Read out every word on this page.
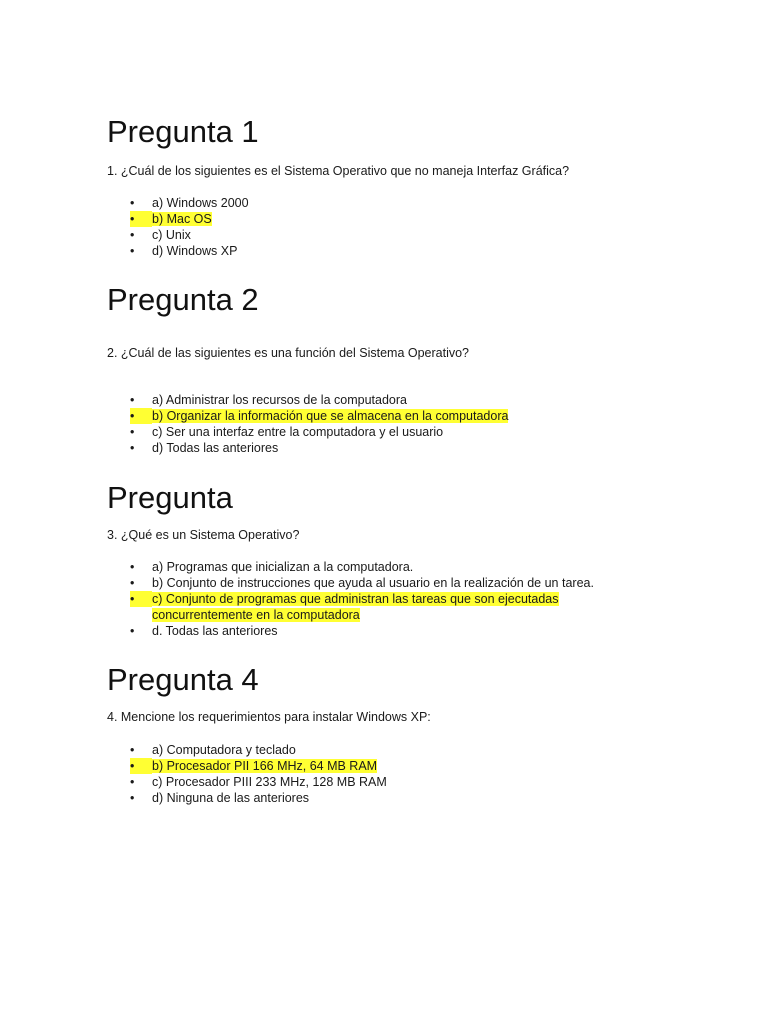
Pregunta 1

1. ¿Cuál de los siguientes es el Sistema Operativo que no maneja Interfaz Gráfica?

•	a) Windows 2000
•	b) Mac OS
•	c) Unix
•	d) Windows XP
Pregunta 2

2. ¿Cuál de las siguientes es una función del Sistema Operativo?

•	a) Administrar los recursos de la computadora
•	b) Organizar la información que se almacena en la computadora
•	c) Ser una interfaz entre la computadora y el usuario
•	d) Todas las anteriores
Pregunta

3. ¿Qué es un Sistema Operativo?

•	a) Programas que inicializan a la computadora.
•	b) Conjunto de instrucciones que ayuda al usuario en la realización de un tarea.
•	c) Conjunto de programas que administran las tareas que son ejecutadas
concurrentemente en la computadora
•	d. Todas las anteriores
Pregunta 4

4. Mencione los requerimientos para instalar Windows XP:

•	a) Computadora y teclado
•	b) Procesador PII 166 MHz, 64 MB RAM
•	c) Procesador PIII 233 MHz, 128 MB RAM
•	d) Ninguna de las anteriores
